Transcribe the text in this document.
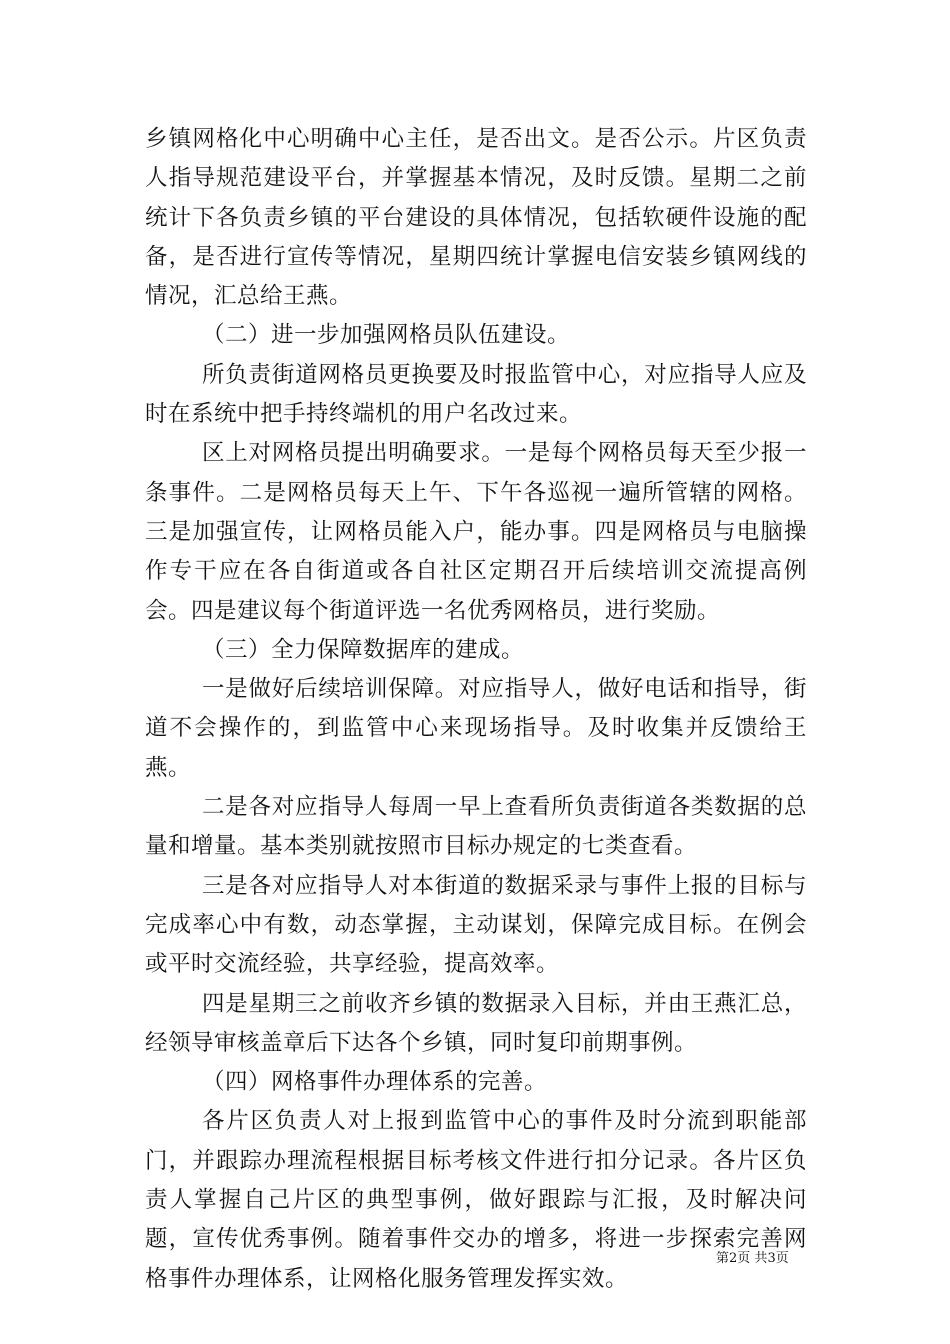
乡镇网格化中心明确中心主任，是否出文。是否公示。片区负责人指导规范建设平台，并掌握基本情况，及时反馈。星期二之前统计下各负责乡镇的平台建设的具体情况，包括软硬件设施的配备，是否进行宣传等情况，星期四统计掌握电信安装乡镇网线的情况，汇总给王燕。

（二）进一步加强网格员队伍建设。

所负责街道网格员更换要及时报监管中心，对应指导人应及时在系统中把手持终端机的用户名改过来。

区上对网格员提出明确要求。一是每个网格员每天至少报一条事件。二是网格员每天上午、下午各巡视一遍所管辖的网格。三是加强宣传，让网格员能入户，能办事。四是网格员与电脑操作专干应在各自街道或各自社区定期召开后续培训交流提高例会。四是建议每个街道评选一名优秀网格员，进行奖励。

（三）全力保障数据库的建成。

一是做好后续培训保障。对应指导人，做好电话和指导，街道不会操作的，到监管中心来现场指导。及时收集并反馈给王燕。

二是各对应指导人每周一早上查看所负责街道各类数据的总量和增量。基本类别就按照市目标办规定的七类查看。

三是各对应指导人对本街道的数据采录与事件上报的目标与完成率心中有数，动态掌握，主动谋划，保障完成目标。在例会或平时交流经验，共享经验，提高效率。

四是星期三之前收齐乡镇的数据录入目标，并由王燕汇总，经领导审核盖章后下达各个乡镇，同时复印前期事例。

（四）网格事件办理体系的完善。

各片区负责人对上报到监管中心的事件及时分流到职能部门，并跟踪办理流程根据目标考核文件进行扣分记录。各片区负责人掌握自己片区的典型事例，做好跟踪与汇报，及时解决问题，宣传优秀事例。随着事件交办的增多，将进一步探索完善网格事件办理体系，让网格化服务管理发挥实效。

第2页 共3页
